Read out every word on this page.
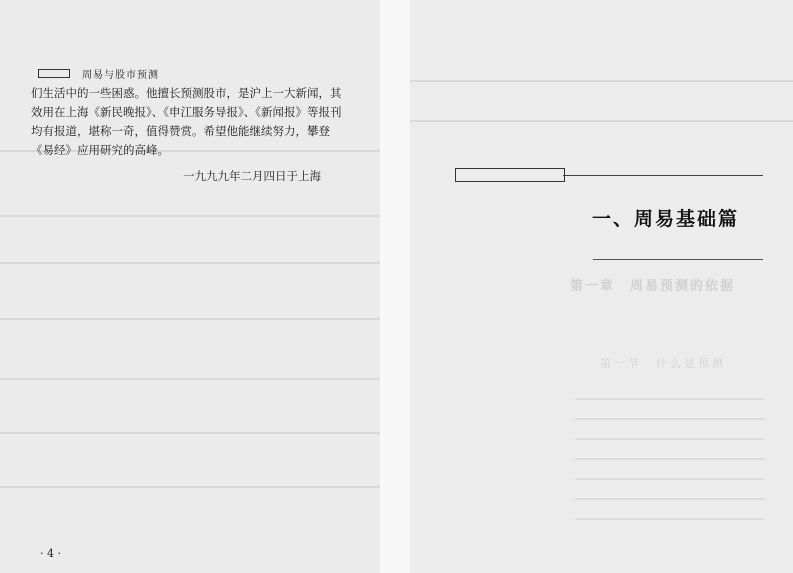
周易与股市预测

们生活中的一些困惑。他擅长预测股市，是沪上一大新闻，其效用在上海《新民晚报》、《申江服务导报》、《新闻报》等报刊均有报道，堪称一奇，值得赞赏。希望他能继续努力，攀登《易经》应用研究的高峰。

一九九九年二月四日于上海
· 4 ·
一、周易基础篇
第一章　周易预测的依据
第一节　什么是预测
